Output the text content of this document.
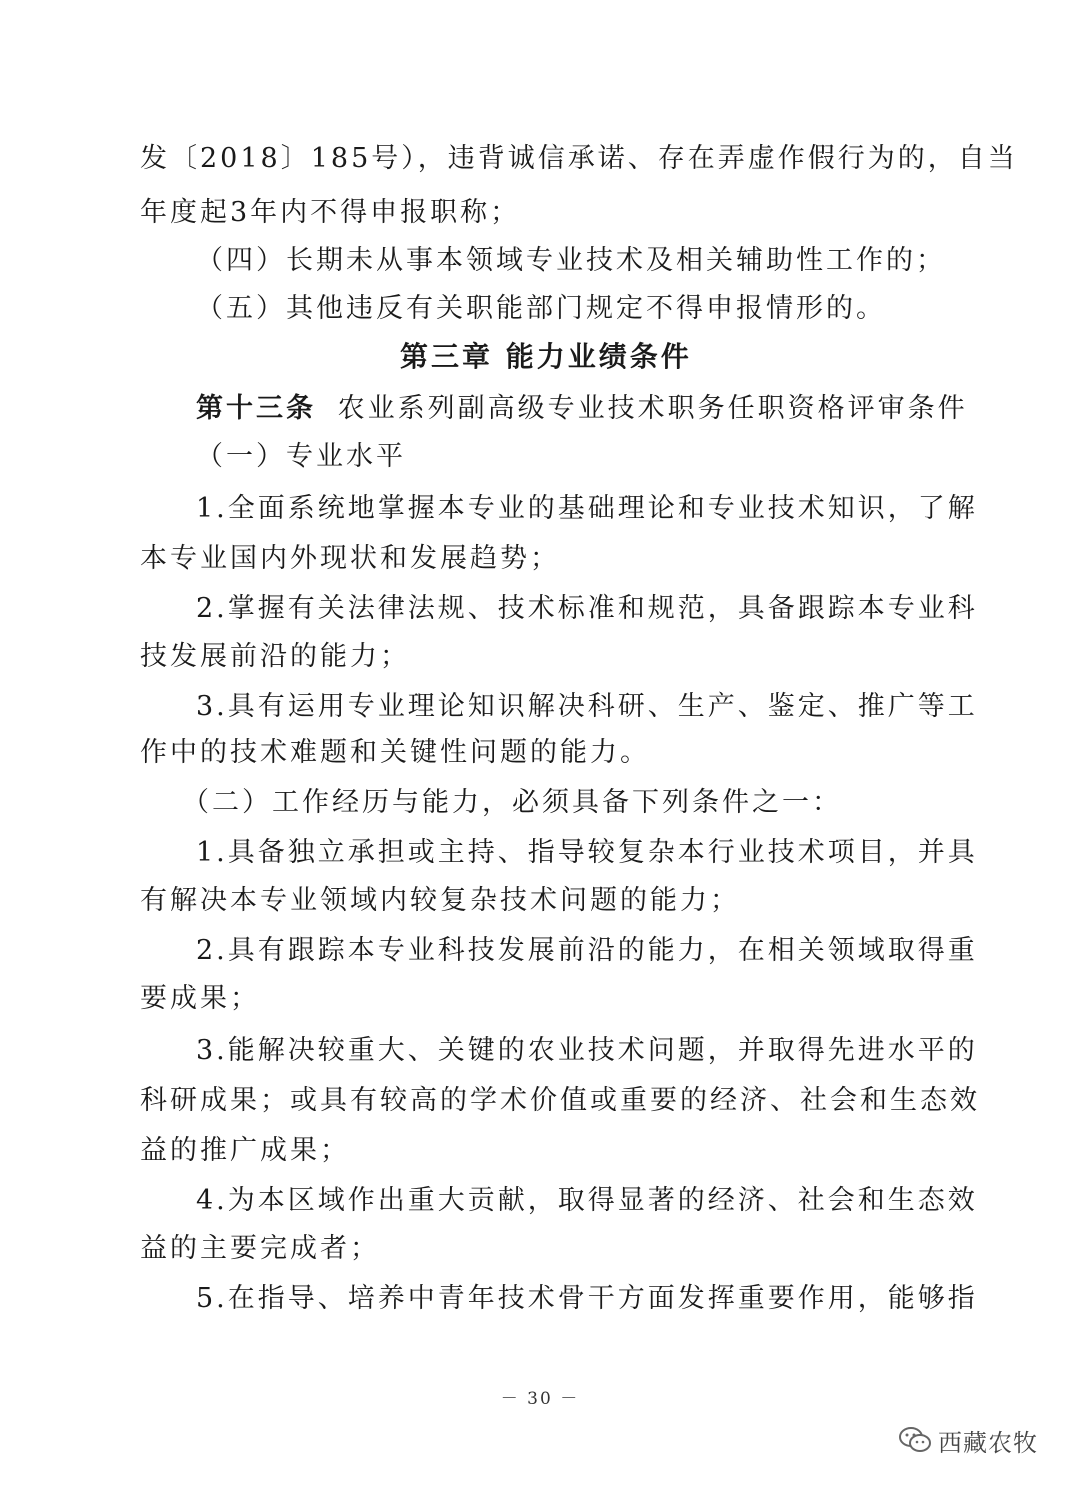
发〔2018〕185号），违背诚信承诺、存在弄虚作假行为的，自当
年度起3年内不得申报职称；
（四）长期未从事本领域专业技术及相关辅助性工作的；
（五）其他违反有关职能部门规定不得申报情形的。
第三章 能力业绩条件
第十三条 农业系列副高级专业技术职务任职资格评审条件
（一）专业水平
1.全面系统地掌握本专业的基础理论和专业技术知识，了解
本专业国内外现状和发展趋势；
2.掌握有关法律法规、技术标准和规范，具备跟踪本专业科
技发展前沿的能力；
3.具有运用专业理论知识解决科研、生产、鉴定、推广等工
作中的技术难题和关键性问题的能力。
（二）工作经历与能力，必须具备下列条件之一：
1.具备独立承担或主持、指导较复杂本行业技术项目，并具
有解决本专业领域内较复杂技术问题的能力；
2.具有跟踪本专业科技发展前沿的能力，在相关领域取得重
要成果；
3.能解决较重大、关键的农业技术问题，并取得先进水平的
科研成果；或具有较高的学术价值或重要的经济、社会和生态效
益的推广成果；
4.为本区域作出重大贡献，取得显著的经济、社会和生态效
益的主要完成者；
5.在指导、培养中青年技术骨干方面发挥重要作用，能够指
－ 30 －
西藏农牧
